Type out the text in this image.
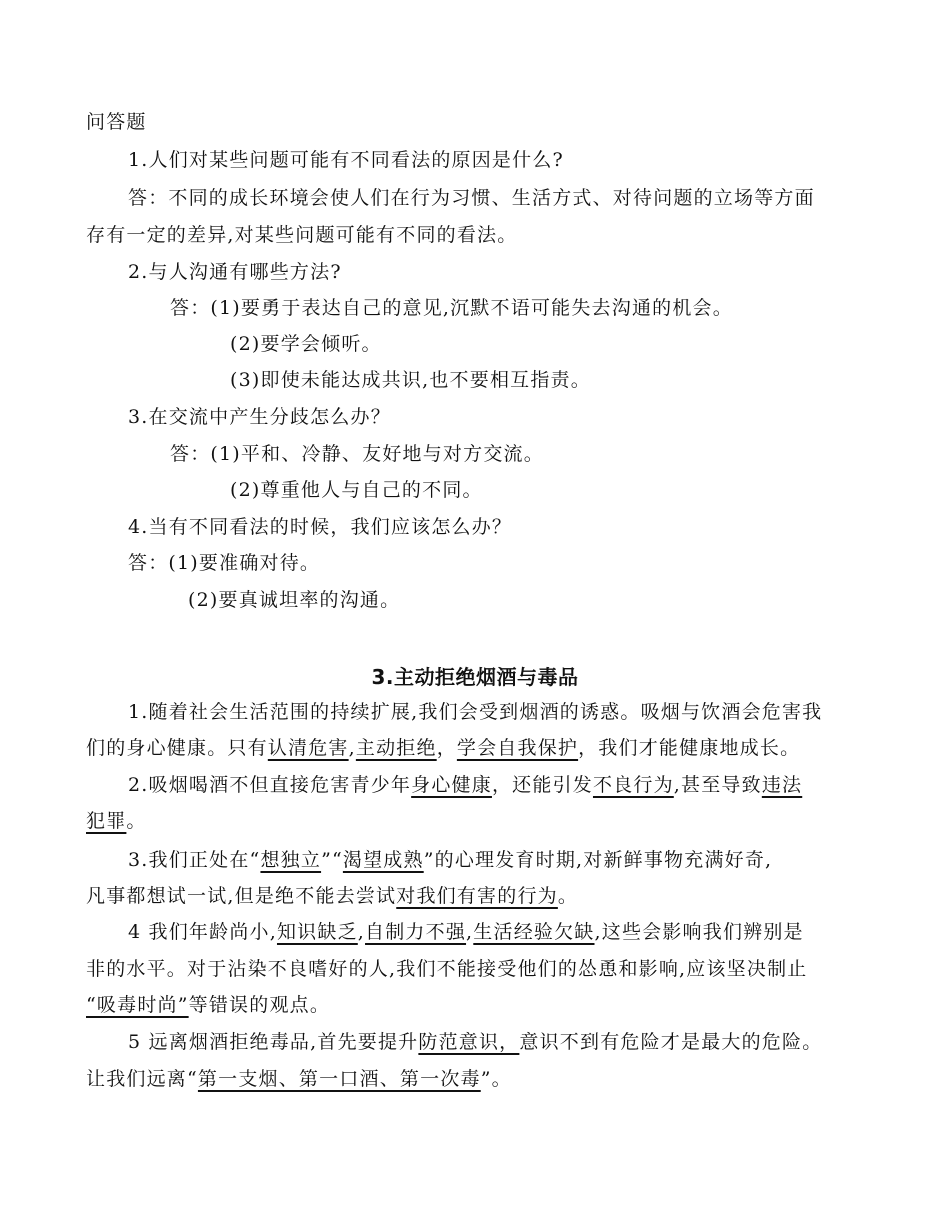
问答题
1.人们对某些问题可能有不同看法的原因是什么?
答：不同的成长环境会使人们在行为习惯、生活方式、对待问题的立场等方面
存有一定的差异,对某些问题可能有不同的看法。
2.与人沟通有哪些方法?
答：(1)要勇于表达自己的意见,沉默不语可能失去沟通的机会。
(2)要学会倾听。
(3)即使未能达成共识,也不要相互指责。
3.在交流中产生分歧怎么办？
答：(1)平和、冷静、友好地与对方交流。
(2)尊重他人与自己的不同。
4.当有不同看法的时候，我们应该怎么办？
答：(1)要准确对待。
(2)要真诚坦率的沟通。
3.主动拒绝烟酒与毒品
1.随着社会生活范围的持续扩展,我们会受到烟酒的诱惑。吸烟与饮酒会危害我
们的身心健康。只有认清危害,主动拒绝，学会自我保护，我们才能健康地成长。
2.吸烟喝酒不但直接危害青少年身心健康，还能引发不良行为,甚至导致违法
犯罪。
3.我们正处在“想独立”“渴望成熟”的心理发育时期,对新鲜事物充满好奇,
凡事都想试一试,但是绝不能去尝试对我们有害的行为。
4 我们年龄尚小,知识缺乏,自制力不强,生活经验欠缺,这些会影响我们辨别是
非的水平。对于沾染不良嗜好的人,我们不能接受他们的怂恿和影响,应该坚决制止
“吸毒时尚”等错误的观点。
5 远离烟酒拒绝毒品,首先要提升防范意识，意识不到有危险才是最大的危险。
让我们远离“第一支烟、第一口酒、第一次毒”。
